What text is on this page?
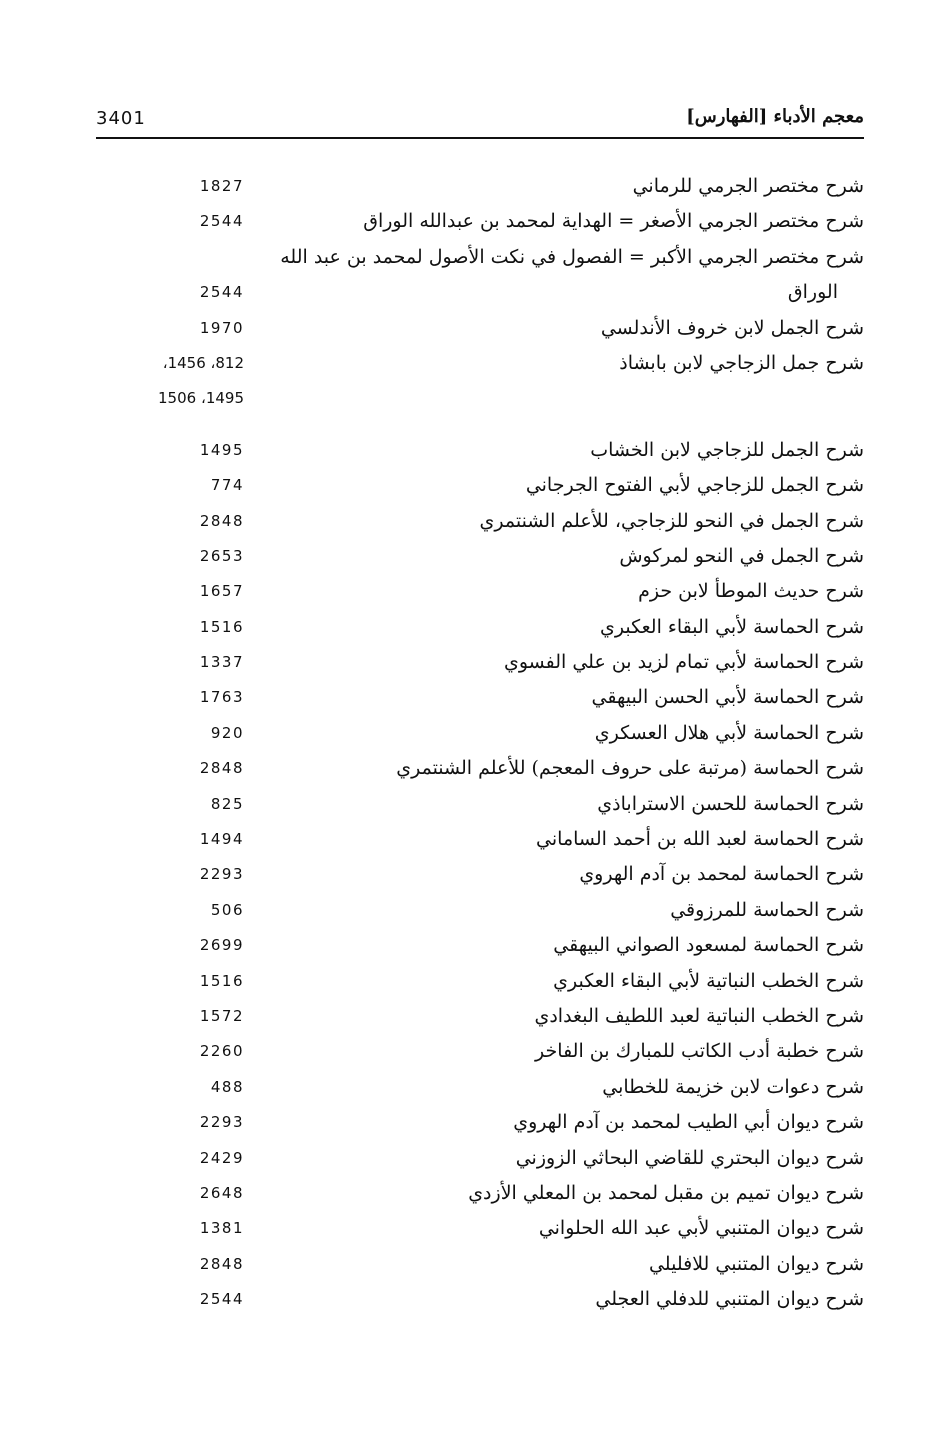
معجم الأدباء [الفهارس]
3401
شرح مختصر الجرمي للرماني
1827
شرح مختصر الجرمي الأصغر = الهداية لمحمد بن عبدالله الوراق
2544
شرح مختصر الجرمي الأكبر = الفصول في نكت الأصول لمحمد بن عبد الله
الوراق
2544
شرح الجمل لابن خروف الأندلسي
1970
شرح جمل الزجاجي لابن بابشاذ
812، 1456،
1495، 1506
شرح الجمل للزجاجي لابن الخشاب
1495
شرح الجمل للزجاجي لأبي الفتوح الجرجاني
774
شرح الجمل في النحو للزجاجي، للأعلم الشنتمري
2848
شرح الجمل في النحو لمركوش
2653
شرح حديث الموطأ لابن حزم
1657
شرح الحماسة لأبي البقاء العكبري
1516
شرح الحماسة لأبي تمام لزيد بن علي الفسوي
1337
شرح الحماسة لأبي الحسن البيهقي
1763
شرح الحماسة لأبي هلال العسكري
920
شرح الحماسة (مرتبة على حروف المعجم) للأعلم الشنتمري
2848
شرح الحماسة للحسن الاستراباذي
825
شرح الحماسة لعبد الله بن أحمد الساماني
1494
شرح الحماسة لمحمد بن آدم الهروي
2293
شرح الحماسة للمرزوقي
506
شرح الحماسة لمسعود الصواني البيهقي
2699
شرح الخطب النباتية لأبي البقاء العكبري
1516
شرح الخطب النباتية لعبد اللطيف البغدادي
1572
شرح خطبة أدب الكاتب للمبارك بن الفاخر
2260
شرح دعوات لابن خزيمة للخطابي
488
شرح ديوان أبي الطيب لمحمد بن آدم الهروي
2293
شرح ديوان البحتري للقاضي البحاثي الزوزني
2429
شرح ديوان تميم بن مقبل لمحمد بن المعلي الأزدي
2648
شرح ديوان المتنبي لأبي عبد الله الحلواني
1381
شرح ديوان المتنبي للافليلي
2848
شرح ديوان المتنبي للدفلي العجلي
2544
